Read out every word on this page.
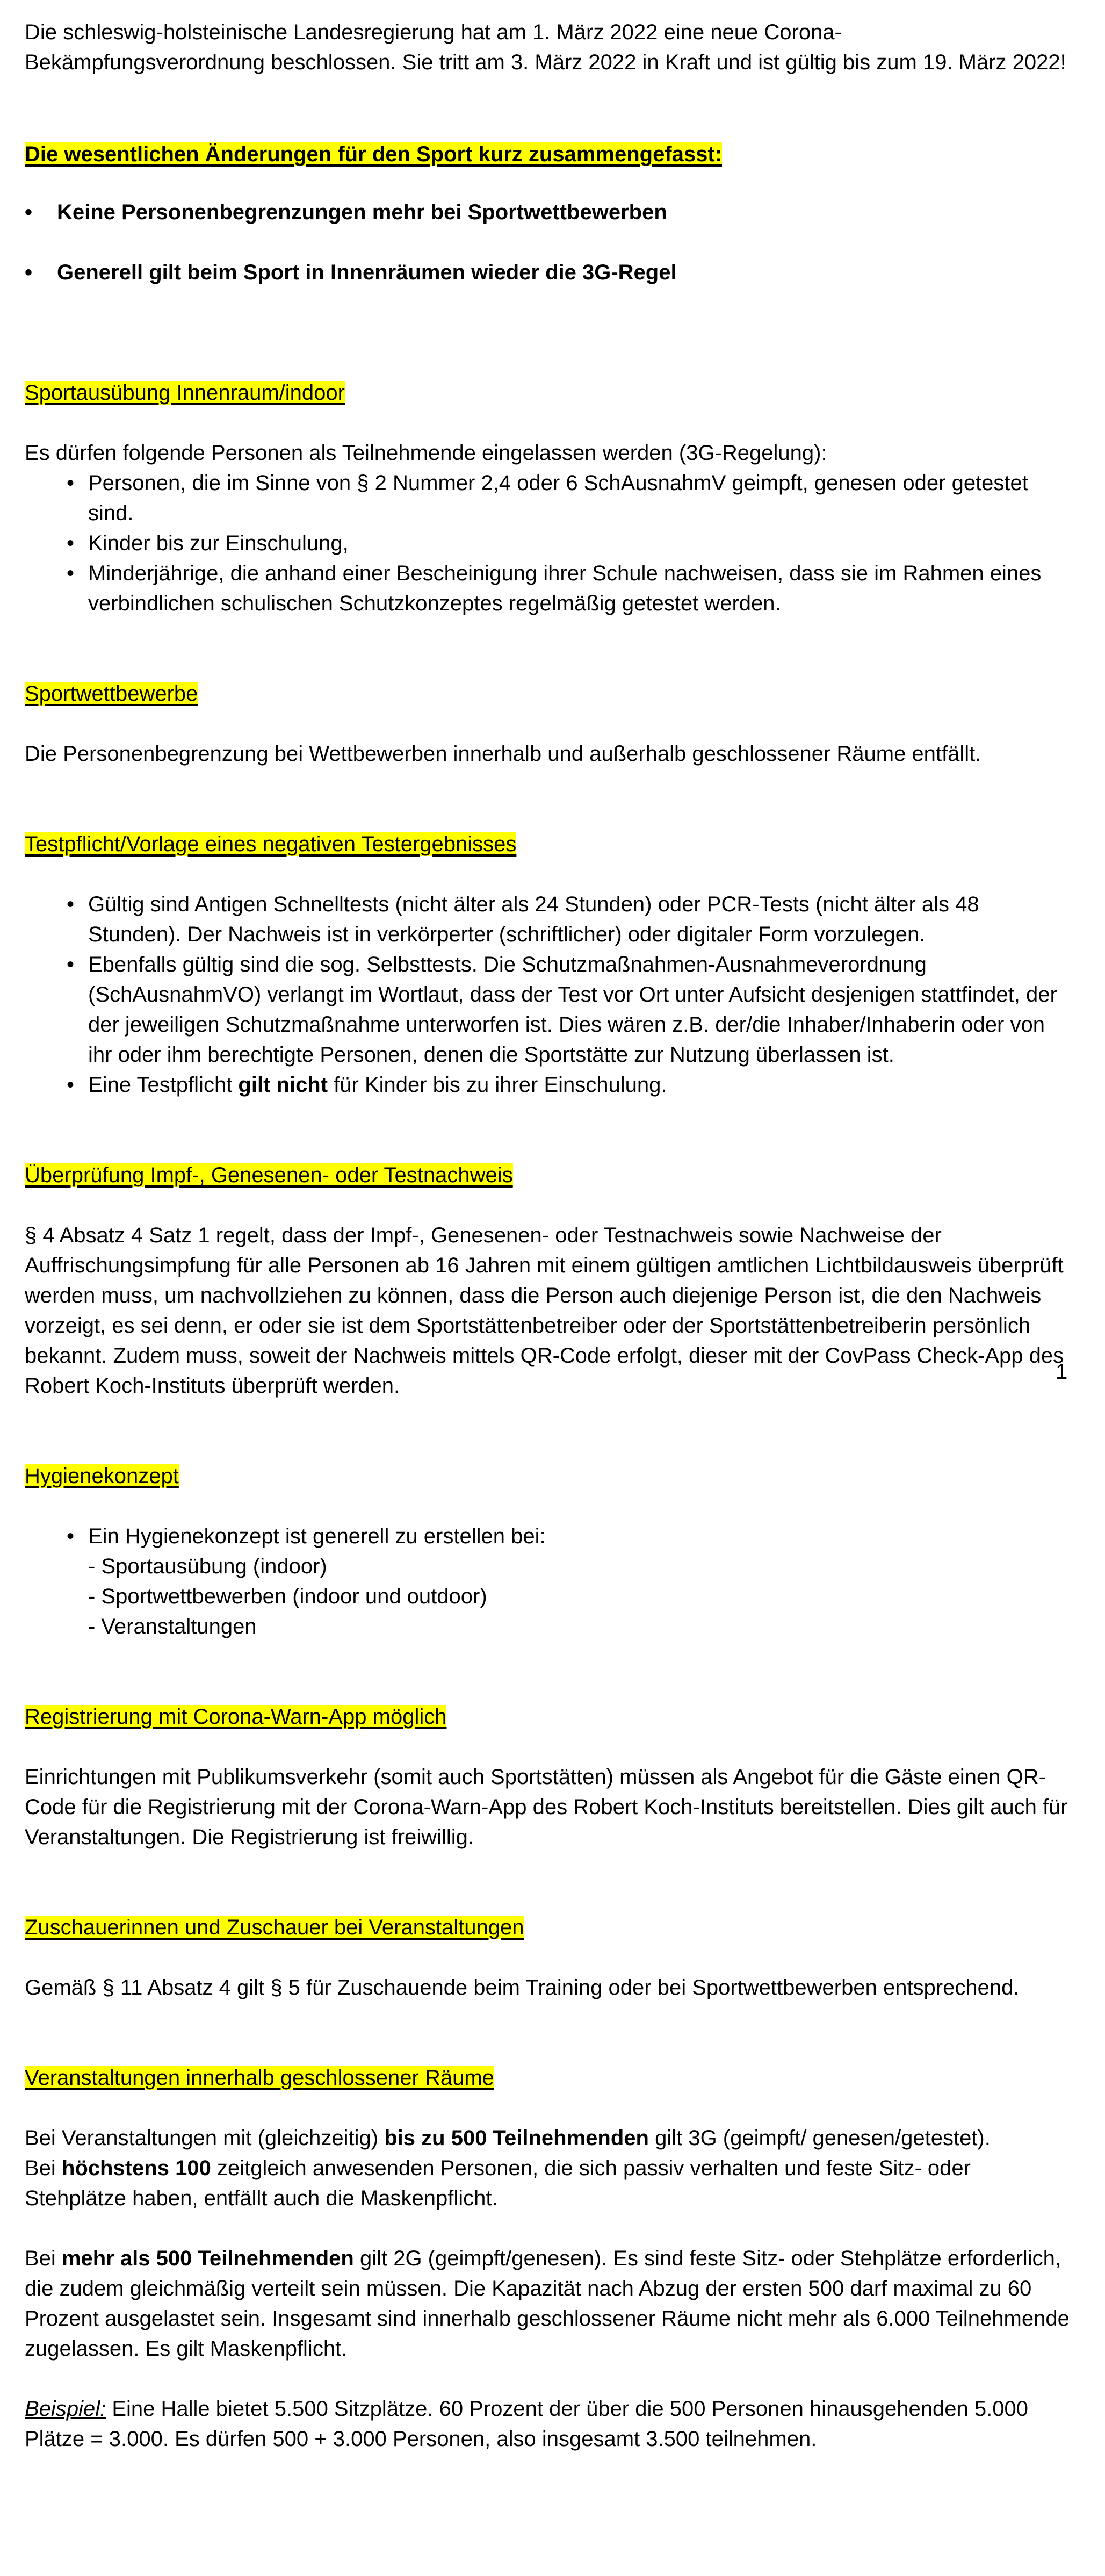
Die schleswig-holsteinische Landesregierung hat am 1. März 2022 eine neue Corona-Bekämpfungsverordnung beschlossen. Sie tritt am 3. März 2022 in Kraft und ist gültig bis zum 19. März 2022!

Die wesentlichen Änderungen für den Sport kurz zusammengefasst:

• Keine Personenbegrenzungen mehr bei Sportwettbewerben
• Generell gilt beim Sport in Innenräumen wieder die 3G-Regel

Sportausübung Innenraum/indoor

Es dürfen folgende Personen als Teilnehmende eingelassen werden (3G-Regelung):

• Personen, die im Sinne von § 2 Nummer 2,4 oder 6 SchAusnahmV geimpft, genesen oder getestet sind.
• Kinder bis zur Einschulung,
• Minderjährige, die anhand einer Bescheinigung ihrer Schule nachweisen, dass sie im Rahmen eines verbindlichen schulischen Schutzkonzeptes regelmäßig getestet werden.

Sportwettbewerbe

Die Personenbegrenzung bei Wettbewerben innerhalb und außerhalb geschlossener Räume entfällt.

Testpflicht/Vorlage eines negativen Testergebnisses

• Gültig sind Antigen Schnelltests (nicht älter als 24 Stunden) oder PCR-Tests (nicht älter als 48 Stunden). Der Nachweis ist in verkörperter (schriftlicher) oder digitaler Form vorzulegen.
• Ebenfalls gültig sind die sog. Selbsttests. Die Schutzmaßnahmen-Ausnahmeverordnung (SchAusnahmVO) verlangt im Wortlaut, dass der Test vor Ort unter Aufsicht desjenigen stattfindet, der der jeweiligen Schutzmaßnahme unterworfen ist. Dies wären z.B. der/die Inhaber/Inhaberin oder von ihr oder ihm berechtigte Personen, denen die Sportstätte zur Nutzung überlassen ist.
• Eine Testpflicht gilt nicht für Kinder bis zu ihrer Einschulung.

Überprüfung Impf-, Genesenen- oder Testnachweis

§ 4 Absatz 4 Satz 1 regelt, dass der Impf-, Genesenen- oder Testnachweis sowie Nachweise der Auffrischungsimpfung für alle Personen ab 16 Jahren mit einem gültigen amtlichen Lichtbildausweis überprüft werden muss, um nachvollziehen zu können, dass die Person auch diejenige Person ist, die den Nachweis vorzeigt, es sei denn, er oder sie ist dem Sportstättenbetreiber oder der Sportstättenbetreiberin persönlich bekannt. Zudem muss, soweit der Nachweis mittels QR-Code erfolgt, dieser mit der CovPass Check-App des Robert Koch-Instituts überprüft werden.

Hygienekonzept

• Ein Hygienekonzept ist generell zu erstellen bei:
- Sportausübung (indoor)
- Sportwettbewerben (indoor und outdoor)
- Veranstaltungen

Registrierung mit Corona-Warn-App möglich

Einrichtungen mit Publikumsverkehr (somit auch Sportstätten) müssen als Angebot für die Gäste einen QR-Code für die Registrierung mit der Corona-Warn-App des Robert Koch-Instituts bereitstellen. Dies gilt auch für Veranstaltungen. Die Registrierung ist freiwillig.

Zuschauerinnen und Zuschauer bei Veranstaltungen

Gemäß § 11 Absatz 4 gilt § 5 für Zuschauende beim Training oder bei Sportwettbewerben entsprechend.

Veranstaltungen innerhalb geschlossener Räume

Bei Veranstaltungen mit (gleichzeitig) bis zu 500 Teilnehmenden gilt 3G (geimpft/ genesen/getestet).
Bei höchstens 100 zeitgleich anwesenden Personen, die sich passiv verhalten und feste Sitz- oder Stehplätze haben, entfällt auch die Maskenpflicht.

Bei mehr als 500 Teilnehmenden gilt 2G (geimpft/genesen). Es sind feste Sitz- oder Stehplätze erforderlich, die zudem gleichmäßig verteilt sein müssen. Die Kapazität nach Abzug der ersten 500 darf maximal zu 60 Prozent ausgelastet sein. Insgesamt sind innerhalb geschlossener Räume nicht mehr als 6.000 Teilnehmende zugelassen. Es gilt Maskenpflicht.

Beispiel: Eine Halle bietet 5.500 Sitzplätze. 60 Prozent der über die 500 Personen hinausgehenden 5.000 Plätze = 3.000. Es dürfen 500 + 3.000 Personen, also insgesamt 3.500 teilnehmen.

1
